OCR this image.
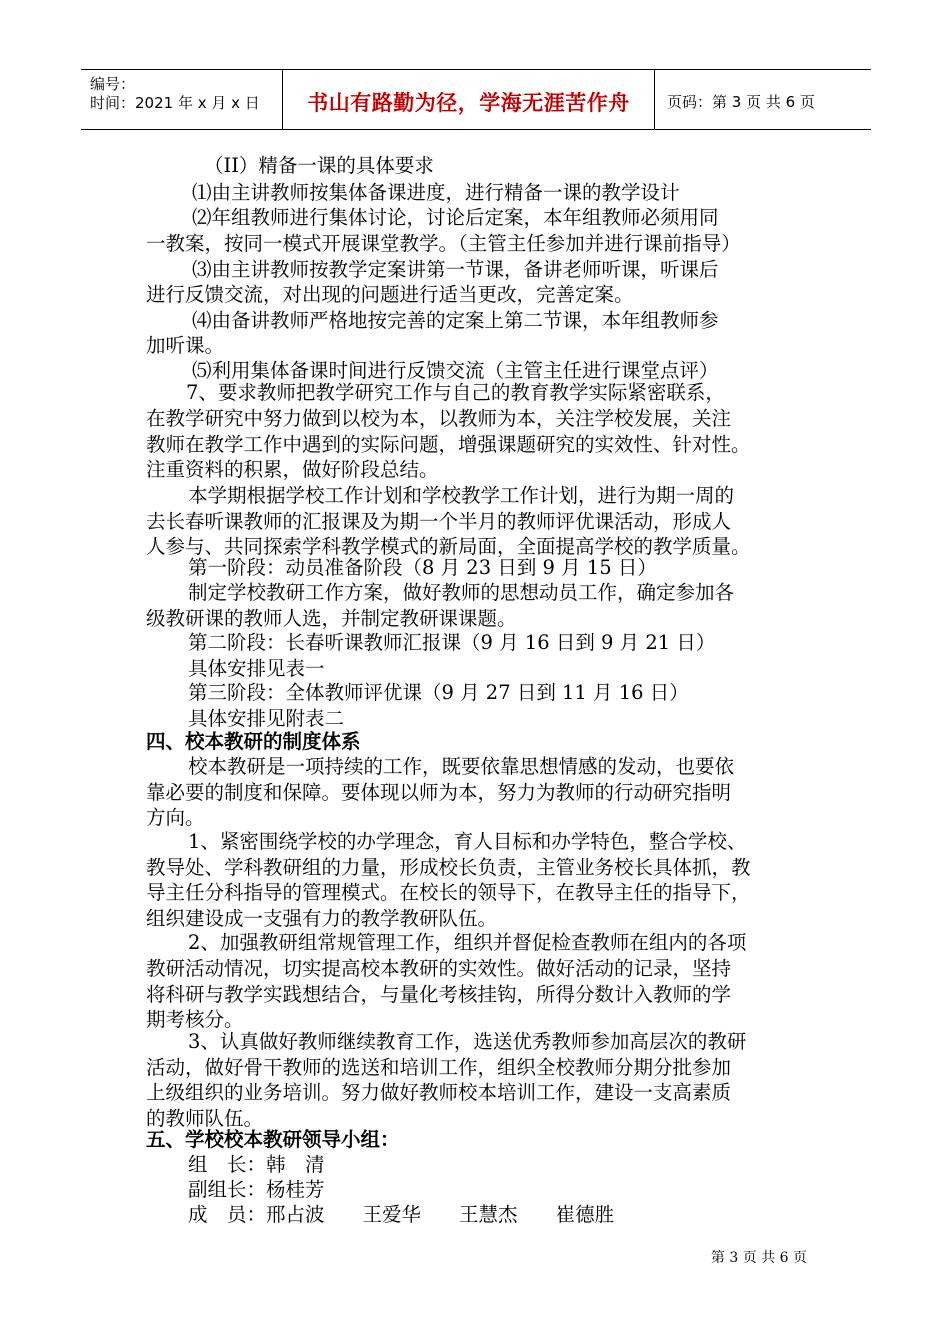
编号：
时间：2021 年 x 月 x 日	书山有路勤为径，学海无涯苦作舟	页码：第 3 页 共 6 页
（II）精备一课的具体要求
⑴由主讲教师按集体备课进度，进行精备一课的教学设计
⑵年组教师进行集体讨论，讨论后定案，本年组教师必须用同
一教案，按同一模式开展课堂教学。（主管主任参加并进行课前指导）
⑶由主讲教师按教学定案讲第一节课，备讲老师听课，听课后
进行反馈交流，对出现的问题进行适当更改，完善定案。
⑷由备讲教师严格地按完善的定案上第二节课，本年组教师参
加听课。
⑸利用集体备课时间进行反馈交流（主管主任进行课堂点评）
7、要求教师把教学研究工作与自己的教育教学实际紧密联系，
在教学研究中努力做到以校为本，以教师为本，关注学校发展，关注
教师在教学工作中遇到的实际问题，增强课题研究的实效性、针对性。
注重资料的积累，做好阶段总结。
本学期根据学校工作计划和学校教学工作计划，进行为期一周的
去长春听课教师的汇报课及为期一个半月的教师评优课活动，形成人
人参与、共同探索学科教学模式的新局面，全面提高学校的教学质量。
第一阶段：动员准备阶段（8 月 23 日到 9 月 15 日）
制定学校教研工作方案，做好教师的思想动员工作，确定参加各
级教研课的教师人选，并制定教研课课题。
第二阶段：长春听课教师汇报课（9 月 16 日到 9 月 21 日）
具体安排见表一
第三阶段：全体教师评优课（9 月 27 日到 11 月 16 日）
具体安排见附表二
四、校本教研的制度体系
校本教研是一项持续的工作，既要依靠思想情感的发动，也要依
靠必要的制度和保障。要体现以师为本，努力为教师的行动研究指明
方向。
1、紧密围绕学校的办学理念，育人目标和办学特色，整合学校、
教导处、学科教研组的力量，形成校长负责，主管业务校长具体抓，教
导主任分科指导的管理模式。在校长的领导下，在教导主任的指导下，
组织建设成一支强有力的教学教研队伍。
2、加强教研组常规管理工作，组织并督促检查教师在组内的各项
教研活动情况，切实提高校本教研的实效性。做好活动的记录，坚持
将科研与教学实践想结合，与量化考核挂钩，所得分数计入教师的学
期考核分。
3、认真做好教师继续教育工作，选送优秀教师参加高层次的教研
活动，做好骨干教师的选送和培训工作，组织全校教师分期分批参加
上级组织的业务培训。努力做好教师校本培训工作，建设一支高素质
的教师队伍。
五、学校校本教研领导小组：
组　长：韩　清
副组长：杨桂芳
成　员：邢占波 王爱华 王慧杰 崔德胜
第 3 页 共 6 页
